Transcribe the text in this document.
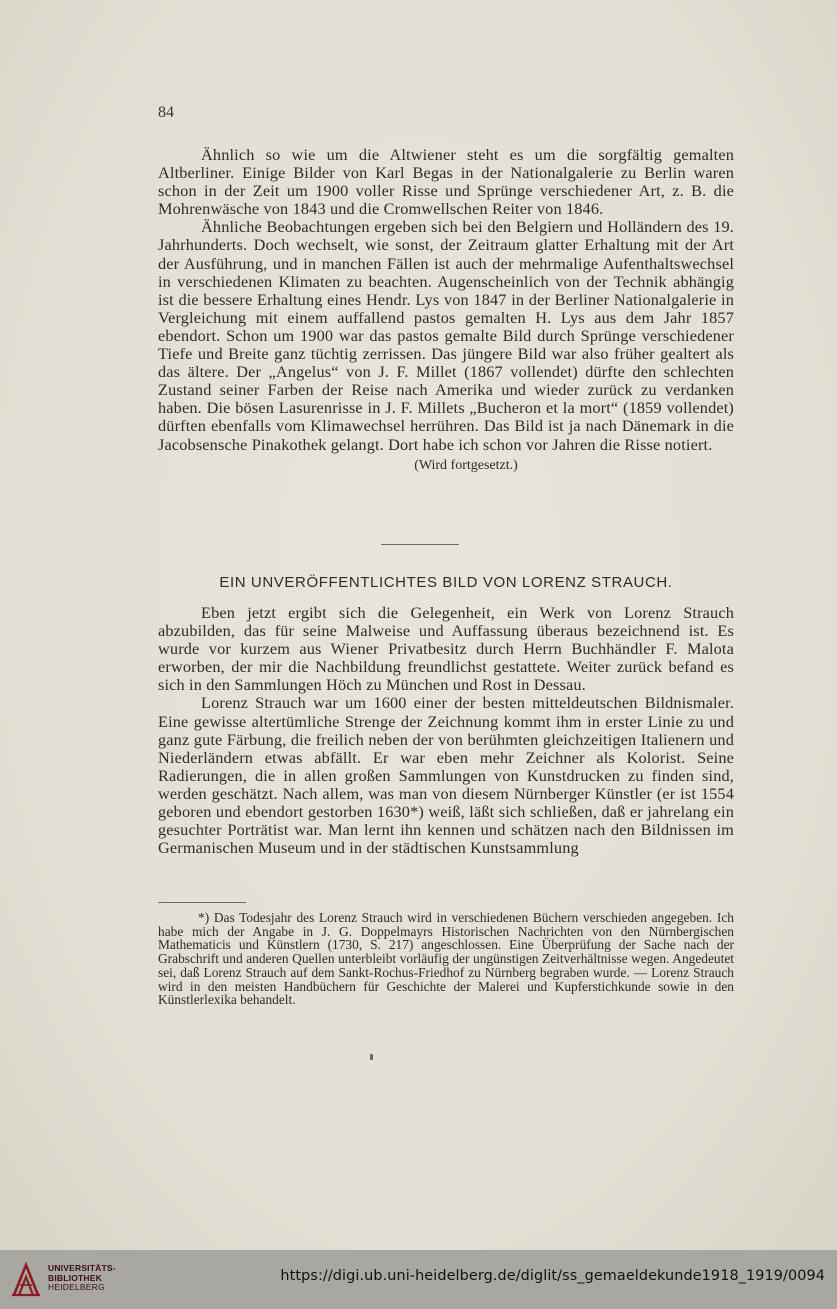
84

Ähnlich so wie um die Altwiener steht es um die sorgfältig gemalten Altberliner. Einige Bilder von Karl Begas in der Nationalgalerie zu Berlin waren schon in der Zeit um 1900 voller Risse und Sprünge verschiedener Art, z. B. die Mohrenwäsche von 1843 und die Cromwellschen Reiter von 1846.

Ähnliche Beobachtungen ergeben sich bei den Belgiern und Holländern des 19. Jahrhunderts. Doch wechselt, wie sonst, der Zeitraum glatter Erhaltung mit der Art der Ausführung, und in manchen Fällen ist auch der mehrmalige Aufenthaltswechsel in verschiedenen Klimaten zu beachten. Augenscheinlich von der Technik abhängig ist die bessere Erhaltung eines Hendr. Lys von 1847 in der Berliner Nationalgalerie in Vergleichung mit einem auffallend pastos gemalten H. Lys aus dem Jahr 1857 ebendort. Schon um 1900 war das pastos gemalte Bild durch Sprünge verschiedener Tiefe und Breite ganz tüchtig zerrissen. Das jüngere Bild war also früher gealtert als das ältere. Der „Angelus“ von J. F. Millet (1867 vollendet) dürfte den schlechten Zustand seiner Farben der Reise nach Amerika und wieder zurück zu verdanken haben. Die bösen Lasurenrisse in J. F. Millets „Bucheron et la mort“ (1859 vollendet) dürften ebenfalls vom Klimawechsel herrühren. Das Bild ist ja nach Dänemark in die Jacobsensche Pinakothek gelangt. Dort habe ich schon vor Jahren die Risse notiert.

(Wird fortgesetzt.)

EIN UNVERÖFFENTLICHTES BILD VON LORENZ STRAUCH.

Eben jetzt ergibt sich die Gelegenheit, ein Werk von Lorenz Strauch abzubilden, das für seine Malweise und Auffassung überaus bezeichnend ist. Es wurde vor kurzem aus Wiener Privatbesitz durch Herrn Buchhändler F. Malota erworben, der mir die Nachbildung freundlichst gestattete. Weiter zurück befand es sich in den Sammlungen Höch zu München und Rost in Dessau.

Lorenz Strauch war um 1600 einer der besten mitteldeutschen Bildnismaler. Eine gewisse altertümliche Strenge der Zeichnung kommt ihm in erster Linie zu und ganz gute Färbung, die freilich neben der von berühmten gleichzeitigen Italienern und Niederländern etwas abfällt. Er war eben mehr Zeichner als Kolorist. Seine Radierungen, die in allen großen Sammlungen von Kunstdrucken zu finden sind, werden geschätzt. Nach allem, was man von diesem Nürnberger Künstler (er ist 1554 geboren und ebendort gestorben 1630*) weiß, läßt sich schließen, daß er jahrelang ein gesuchter Porträtist war. Man lernt ihn kennen und schätzen nach den Bildnissen im Germanischen Museum und in der städtischen Kunstsammlung

*) Das Todesjahr des Lorenz Strauch wird in verschiedenen Büchern verschieden angegeben. Ich habe mich der Angabe in J. G. Doppelmayrs Historischen Nachrichten von den Nürnbergischen Mathematicis und Künstlern (1730, S. 217) angeschlossen. Eine Überprüfung der Sache nach der Grabschrift und anderen Quellen unterbleibt vorläufig der ungünstigen Zeitverhältnisse wegen. Angedeutet sei, daß Lorenz Strauch auf dem Sankt-Rochus-Friedhof zu Nürnberg begraben wurde. — Lorenz Strauch wird in den meisten Handbüchern für Geschichte der Malerei und Kupferstichkunde sowie in den Künstlerlexika behandelt.

UNIVERSITÄTS-
BIBLIOTHEK
HEIDELBERG
https://digi.ub.uni-heidelberg.de/diglit/ss_gemaeldekunde1918_1919/0094
